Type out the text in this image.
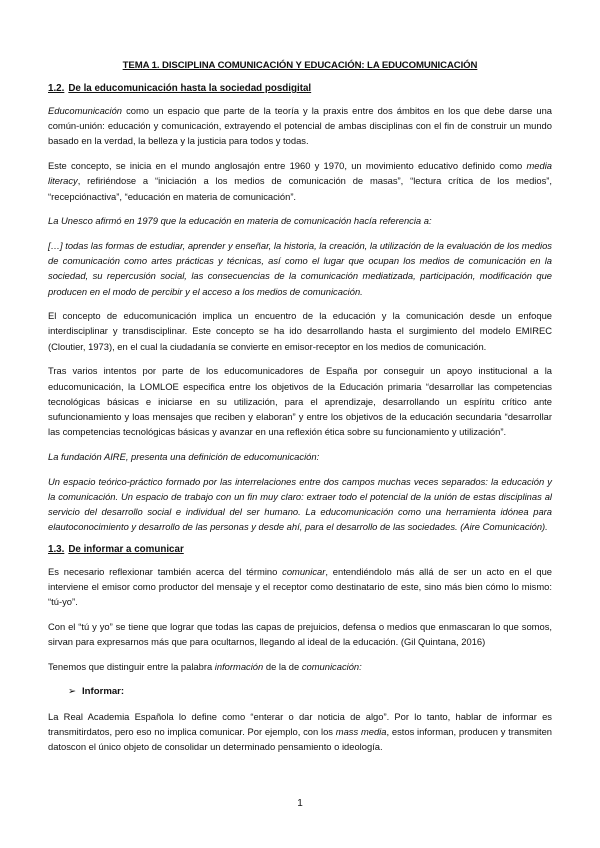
TEMA 1. DISCIPLINA COMUNICACIÓN Y EDUCACIÓN: LA EDUCOMUNICACIÓN
1.2. De la educomunicación hasta la sociedad posdigital

Educomunicación como un espacio que parte de la teoría y la praxis entre dos ámbitos en los que debe darse una común-unión: educación y comunicación, extrayendo el potencial de ambas disciplinas con el fin de construir un mundo basado en la verdad, la belleza y la justicia para todos y todas.

Este concepto, se inicia en el mundo anglosajón entre 1960 y 1970, un movimiento educativo definido como media literacy, refiriéndose a “iniciación a los medios de comunicación de masas”, “lectura crítica de los medios”, “recepciónactiva”, “educación en materia de comunicación”.

La Unesco afirmó en 1979 que la educación en materia de comunicación hacía referencia a:

[…] todas las formas de estudiar, aprender y enseñar, la historia, la creación, la utilización de la evaluación de los medios de comunicación como artes prácticas y técnicas, así como el lugar que ocupan los medios de comunicación en la sociedad, su repercusión social, las consecuencias de la comunicación mediatizada, participación, modificación que producen en el modo de percibir y el acceso a los medios de comunicación.

El concepto de educomunicación implica un encuentro de la educación y la comunicación desde un enfoque interdisciplinar y transdisciplinar. Este concepto se ha ido desarrollando hasta el surgimiento del modelo EMIREC (Cloutier, 1973), en el cual la ciudadanía se convierte en emisor-receptor en los medios de comunicación.

Tras varios intentos por parte de los educomunicadores de España por conseguir un apoyo institucional a la educomunicación, la LOMLOE especifica entre los objetivos de la Educación primaria “desarrollar las competencias tecnológicas básicas e iniciarse en su utilización, para el aprendizaje, desarrollando un espíritu crítico ante sufuncionamiento y loas mensajes que reciben y elaboran” y entre los objetivos de la educación secundaria “desarrollar las competencias tecnológicas básicas y avanzar en una reflexión ética sobre su funcionamiento y utilización”.

La fundación AIRE, presenta una definición de educomunicación:

Un espacio teórico-práctico formado por las interrelaciones entre dos campos muchas veces separados: la educación y la comunicación. Un espacio de trabajo con un fin muy claro: extraer todo el potencial de la unión de estas disciplinas al servicio del desarrollo social e individual del ser humano. La educomunicación como una herramienta idónea para elautoconocimiento y desarrollo de las personas y desde ahí, para el desarrollo de las sociedades. (Aire Comunicación).

1.3. De informar a comunicar

Es necesario reflexionar también acerca del término comunicar, entendiéndolo más allá de ser un acto en el que interviene el emisor como productor del mensaje y el receptor como destinatario de este, sino más bien cómo lo mismo: “tú-yo”.

Con el “tú y yo” se tiene que lograr que todas las capas de prejuicios, defensa o medios que enmascaran lo que somos, sirvan para expresarnos más que para ocultarnos, llegando al ideal de la educación. (Gil Quintana, 2016)

Tenemos que distinguir entre la palabra información de la de comunicación:

➢ Informar:

La Real Academia Española lo define como “enterar o dar noticia de algo”. Por lo tanto, hablar de informar es transmitirdatos, pero eso no implica comunicar. Por ejemplo, con los mass media, estos informan, producen y transmiten datoscon el único objeto de consolidar un determinado pensamiento o ideología.

1
